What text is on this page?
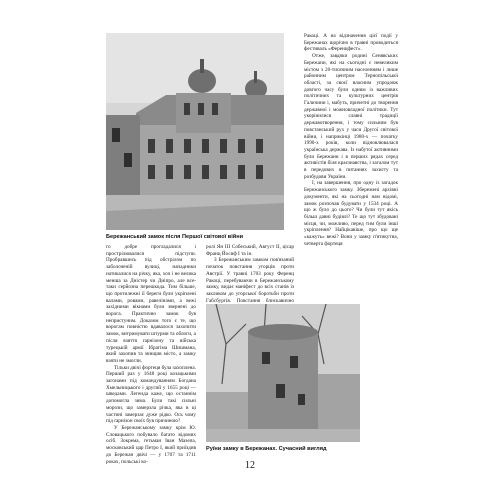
Бережанський замок після Першої світової війни

го добре прогладалися і прострілювалися підступи. Пробравшись під обстрілом по заболоченій вулиці, нападники натикалися на річку, яка, хоч і не велика менша за Дністер чи Дніпро, але все-таки серйозна перешкода. Тим більше, що протилежні її береги були укріплені валами, ровами, равелінами, а вежі західними вікнами були звернені до ворога. Практично замок був непристуним. Доказом того є те, що ворогам повністю вдавалося захопити замок, витримувати штурми та облоги, а після взяття ґарнізону та війська турецькій армії Ібрагіма Шишмана, який захопив та знищив місто, а замку взяти не змогли.

Тільки двічі фортеця була захоплена. Перший раз у 1648 році козацькими загонами під командуванням Богдана Хмельницького і другий у 1655 році — шведами. Легенда каже, що останнім допомогла зима. Були такі сильні морози, що замерзла річка, яка в ці частині замерзає дуже рідко. Ось чому під ґарнізон своїх був причиною?

У Бережанському замку крім Ю. Словацького побувало багато відомих осіб. Зокрема, гетьман Іван Мазепа, московський цар Петро І, який приїздив до Бережан двічі — у 1707 та 1711 роках, польські ко-

ролі Ян ІІІ Собеський, Август ІІ, цісар Франц Йосиф І та ін.

З Бережанським замком пов'язаний початок повстання угорців проти Австрії. У травні 1703 року Ференц Ракоці, перебуваючи в Бережанському замку, видає маніфест до всіх станів із закликом до угорської боротьби проти Габсбургів. Повстання блискавично

Руїни замку в Бережанах. Сучасний вигляд

Ракоці. А на відзначення цієї події у Бережанах щорічно в травні проводиться фестиваль «Ференцфест».

Отже, завдяки родині Сенявських Бережани, які на сьогодні є невеликим містом з 20-тисячним населенням і лише районним центром Тернопільської області, за своєї власним упродовж довгого часу були одним із важливих політичних та культурних центрів Галичини і, мабуть, причетні до творення державної і можновладної політики. Тут укорінилися славні традиції державотворення, і тому сильним був повстанський рух у часи Другої світової війни, і наприкінці 1980-х — початку 1990-х років, коли відновлювалася українська держава. Із набутої активними були Бережани і в перших рядах серед активістів біля краєзнавства, і загалом тут в передових в питаннях захисту та розбудови України.

І, на завершення, про одну із загадок Бережанського замку. Збережені архівні документи, які на сьогодні нам відомі, замок розпочав будувати у 1534 році. А що ж було до цього? Чи були тут якісь більш давні будівлі? Те що тут збудовані місця, чи, можливо, перед тим були інші укріплення? Найцікавіше, про що ще «кажуть» вежі? Вони у замку п'ятикутна, четверта фортеця

12
